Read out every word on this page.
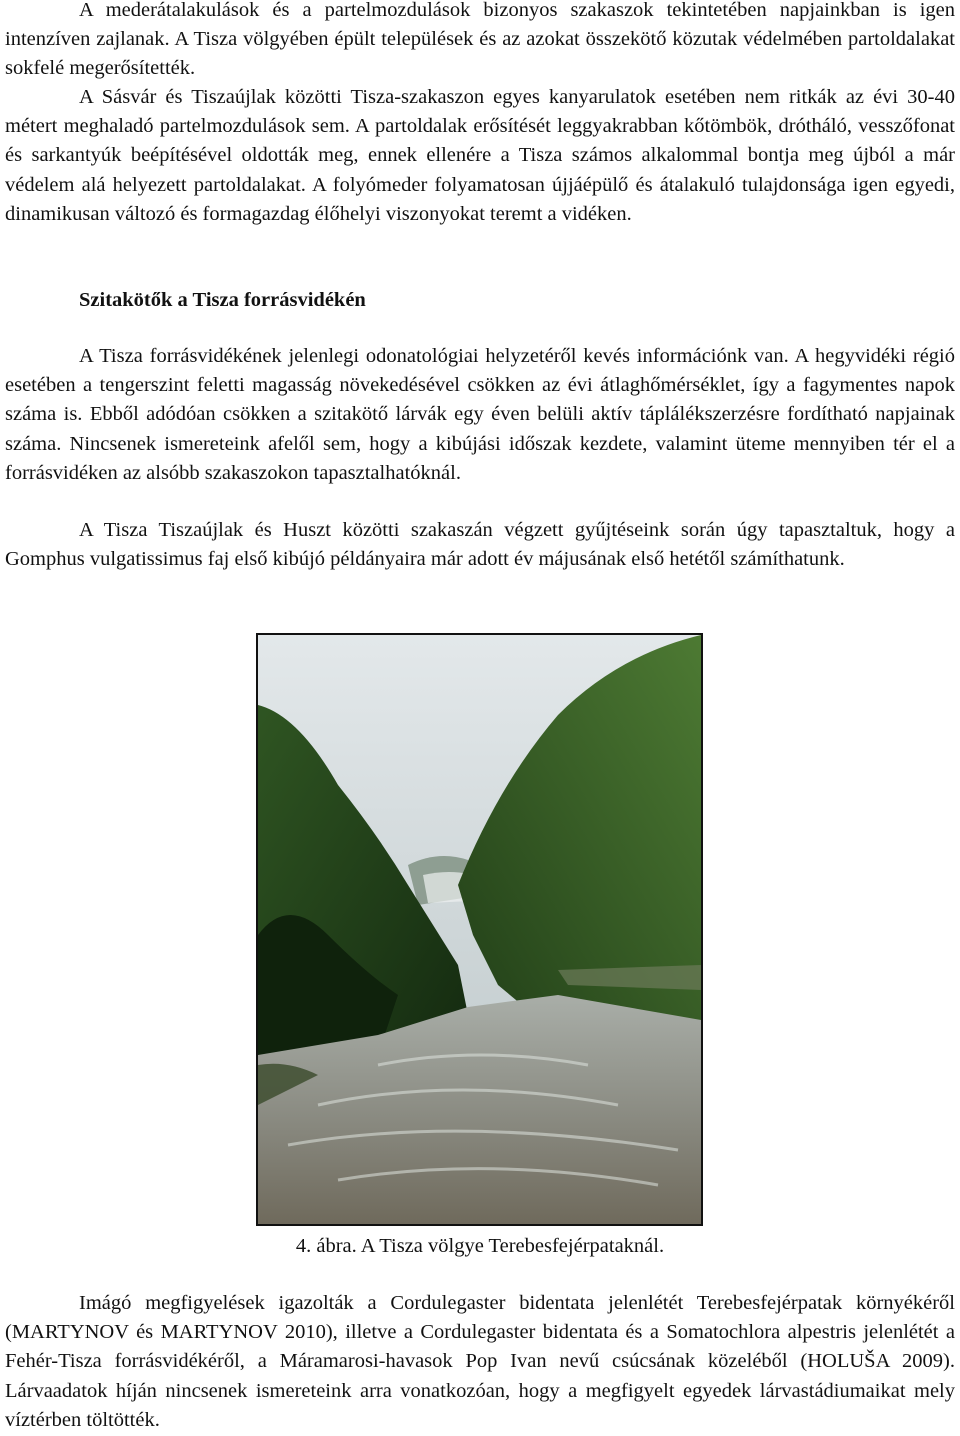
A mederátalakulások és a partelmozdulások bizonyos szakaszok tekintetében napjainkban is igen intenzíven zajlanak. A Tisza völgyében épült települések és az azokat összekötő közutak védelmében partoldalakat sokfelé megerősítették.

A Sásvár és Tiszaújlak közötti Tisza-szakaszon egyes kanyarulatok esetében nem ritkák az évi 30-40 métert meghaladó partelmozdulások sem. A partoldalak erősítését leggyakrabban kőtömbök, drótháló, vesszőfonat és sarkantyúk beépítésével oldották meg, ennek ellenére a Tisza számos alkalommal bontja meg újból a már védelem alá helyezett partoldalakat. A folyómeder folyamatosan újjáépülő és átalakuló tulajdonsága igen egyedi, dinamikusan változó és formagazdag élőhelyi viszonyokat teremt a vidéken.

Szitakötők a Tisza forrásvidékén

A Tisza forrásvidékének jelenlegi odonatológiai helyzetéről kevés információnk van. A hegyvidéki régió esetében a tengerszint feletti magasság növekedésével csökken az évi átlaghőmérséklet, így a fagymentes napok száma is. Ebből adódóan csökken a szitakötő lárvák egy éven belüli aktív táplálékszerzésre fordítható napjainak száma. Nincsenek ismereteink afelől sem, hogy a kibújási időszak kezdete, valamint üteme mennyiben tér el a forrásvidéken az alsóbb szakaszokon tapasztalhatóknál.

A Tisza Tiszaújlak és Huszt közötti szakaszán végzett gyűjtéseink során úgy tapasztaltuk, hogy a Gomphus vulgatissimus faj első kibújó példányaira már adott év májusának első hetétől számíthatunk.

4. ábra. A Tisza völgye Terebesfejérpataknál.

Imágó megfigyelések igazolták a Cordulegaster bidentata jelenlétét Terebesfejérpatak környékéről (MARTYNOV és MARTYNOV 2010), illetve a Cordulegaster bidentata és a Somatochlora alpestris jelenlétét a Fehér-Tisza forrásvidékéről, a Máramarosi-havasok Pop Ivan nevű csúcsának közeléből (HOLUŠA 2009). Lárvaadatok híján nincsenek ismereteink arra vonatkozóan, hogy a megfigyelt egyedek lárvastádiumaikat mely víztérben töltötték.
